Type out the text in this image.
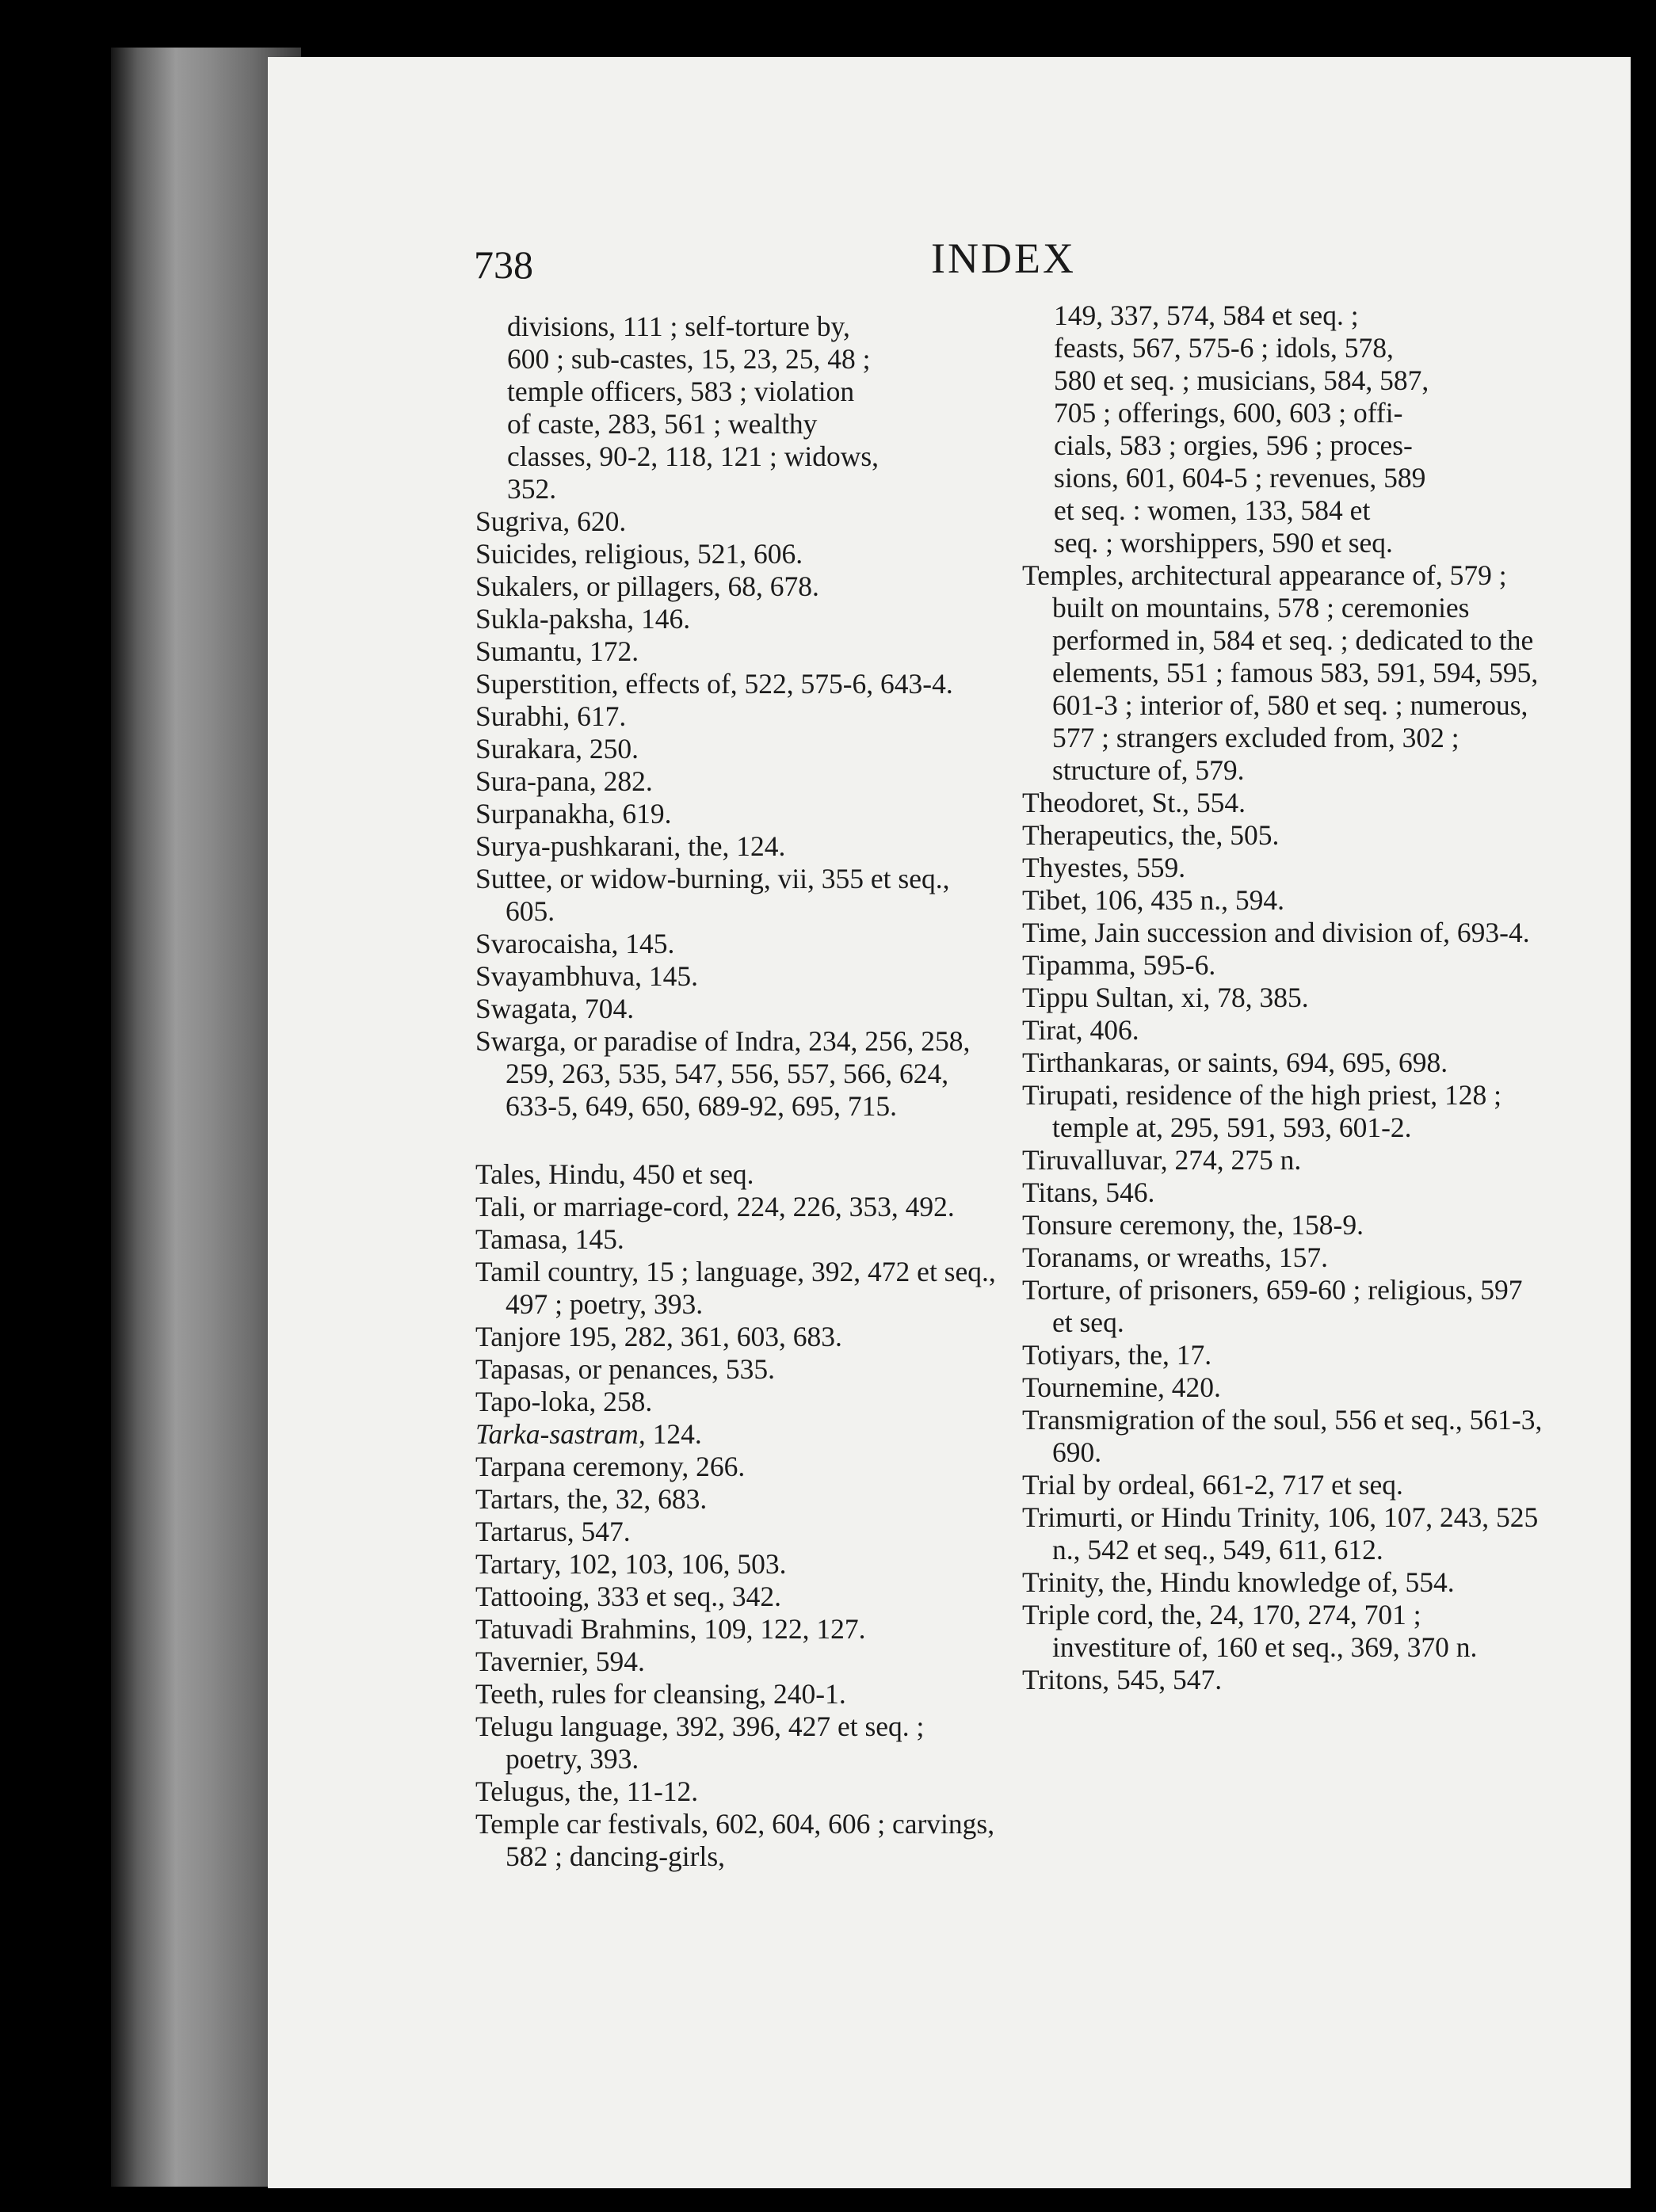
738	INDEX
divisions, 111 ; self-torture by,
600 ; sub-castes, 15, 23, 25, 48 ;
temple officers, 583 ; violation
of caste, 283, 561 ; wealthy
classes, 90-2, 118, 121 ; widows,
352.
Sugriva, 620.
Suicides, religious, 521, 606.
Sukalers, or pillagers, 68, 678.
Sukla-paksha, 146.
Sumantu, 172.
Superstition, effects of, 522, 575-6, 643-4.
Surabhi, 617.
Surakara, 250.
Sura-pana, 282.
Surpanakha, 619.
Surya-pushkarani, the, 124.
Suttee, or widow-burning, vii, 355 et seq., 605.
Svarocaisha, 145.
Svayambhuva, 145.
Swagata, 704.
Swarga, or paradise of Indra, 234, 256, 258, 259, 263, 535, 547, 556, 557, 566, 624, 633-5, 649, 650, 689-92, 695, 715.
Tales, Hindu, 450 et seq.
Tali, or marriage-cord, 224, 226, 353, 492.
Tamasa, 145.
Tamil country, 15 ; language, 392, 472 et seq., 497 ; poetry, 393.
Tanjore 195, 282, 361, 603, 683.
Tapasas, or penances, 535.
Tapo-loka, 258.
Tarka-sastram, 124.
Tarpana ceremony, 266.
Tartars, the, 32, 683.
Tartarus, 547.
Tartary, 102, 103, 106, 503.
Tattooing, 333 et seq., 342.
Tatuvadi Brahmins, 109, 122, 127.
Tavernier, 594.
Teeth, rules for cleansing, 240-1.
Telugu language, 392, 396, 427 et seq. ; poetry, 393.
Telugus, the, 11-12.
Temple car festivals, 602, 604, 606 ; carvings, 582 ; dancing-girls,
149, 337, 574, 584 et seq. ;
feasts, 567, 575-6 ; idols, 578,
580 et seq. ; musicians, 584, 587,
705 ; offerings, 600, 603 ; offi-
cials, 583 ; orgies, 596 ; proces-
sions, 601, 604-5 ; revenues, 589
et seq. : women, 133, 584 et
seq. ; worshippers, 590 et seq.
Temples, architectural appearance of, 579 ; built on mountains, 578 ; ceremonies performed in, 584 et seq. ; dedicated to the elements, 551 ; famous 583, 591, 594, 595, 601-3 ; interior of, 580 et seq. ; numerous, 577 ; strangers excluded from, 302 ; structure of, 579.
Theodoret, St., 554.
Therapeutics, the, 505.
Thyestes, 559.
Tibet, 106, 435 n., 594.
Time, Jain succession and division of, 693-4.
Tipamma, 595-6.
Tippu Sultan, xi, 78, 385.
Tirat, 406.
Tirthankaras, or saints, 694, 695, 698.
Tirupati, residence of the high priest, 128 ; temple at, 295, 591, 593, 601-2.
Tiruvalluvar, 274, 275 n.
Titans, 546.
Tonsure ceremony, the, 158-9.
Toranams, or wreaths, 157.
Torture, of prisoners, 659-60 ; religious, 597 et seq.
Totiyars, the, 17.
Tournemine, 420.
Transmigration of the soul, 556 et seq., 561-3, 690.
Trial by ordeal, 661-2, 717 et seq.
Trimurti, or Hindu Trinity, 106, 107, 243, 525 n., 542 et seq., 549, 611, 612.
Trinity, the, Hindu knowledge of, 554.
Triple cord, the, 24, 170, 274, 701 ; investiture of, 160 et seq., 369, 370 n.
Tritons, 545, 547.
